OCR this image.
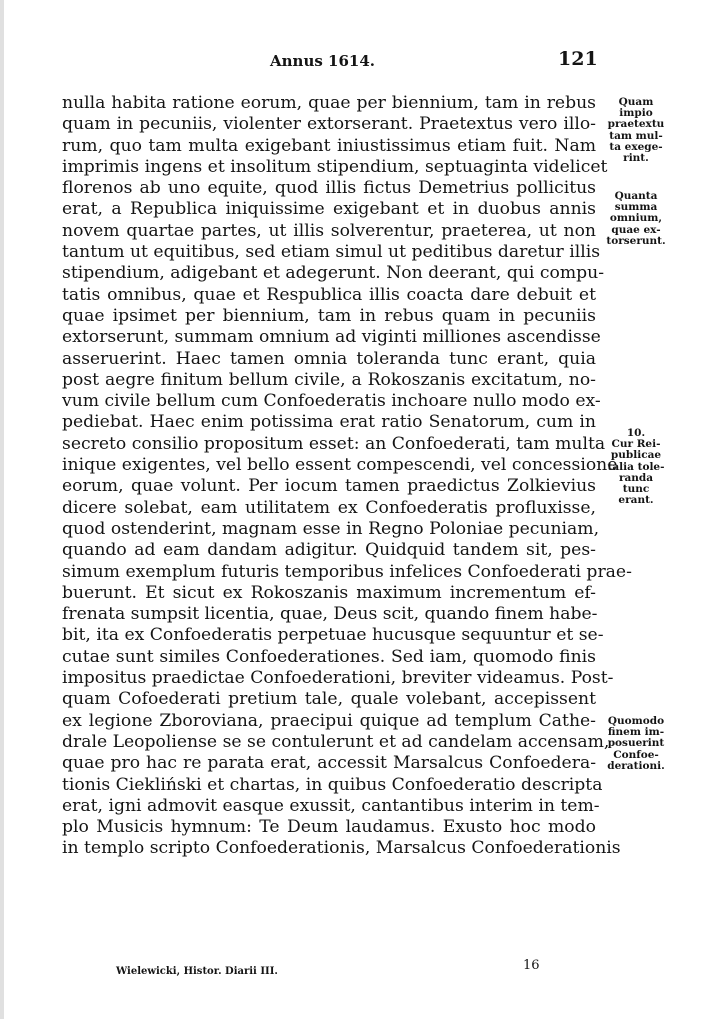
Annus 1614.	121
nulla habita ratione eorum, quae per biennium, tam in rebus
quam in pecuniis, violenter extorserant. Praetextus vero illo-
rum, quo tam multa exigebant iniustissimus etiam fuit. Nam
imprimis ingens et insolitum stipendium, septuaginta videlicet
florenos ab uno equite, quod illis fictus Demetrius pollicitus
erat, a Republica iniquissime exigebant et in duobus annis
novem quartae partes, ut illis solverentur, praeterea, ut non
tantum ut equitibus, sed etiam simul ut peditibus daretur illis
stipendium, adigebant et adegerunt. Non deerant, qui compu-
tatis omnibus, quae et Respublica illis coacta dare debuit et
quae ipsimet per biennium, tam in rebus quam in pecuniis
extorserunt, summam omnium ad viginti milliones ascendisse
asseruerint. Haec tamen omnia toleranda tunc erant, quia
post aegre finitum bellum civile, a Rokoszanis excitatum, no-
vum civile bellum cum Confoederatis inchoare nullo modo ex-
pediebat. Haec enim potissima erat ratio Senatorum, cum in
secreto consilio propositum esset: an Confoederati, tam multa
inique exigentes, vel bello essent compescendi, vel concessione
eorum, quae volunt. Per iocum tamen praedictus Zolkievius
dicere solebat, eam utilitatem ex Confoederatis profluxisse,
quod ostenderint, magnam esse in Regno Poloniae pecuniam,
quando ad eam dandam adigitur. Quidquid tandem sit, pes-
simum exemplum futuris temporibus infelices Confoederati prae-
buerunt. Et sicut ex Rokoszanis maximum incrementum ef-
frenata sumpsit licentia, quae, Deus scit, quando finem habe-
bit, ita ex Confoederatis perpetuae hucusque sequuntur et se-
cutae sunt similes Confoederationes. Sed iam, quomodo finis
impositus praedictae Confoederationi, breviter videamus. Post-
quam Cofoederati pretium tale, quale volebant, accepissent
ex legione Zboroviana, praecipui quique ad templum Cathe-
drale Leopoliense se se contulerunt et ad candelam accensam,
quae pro hac re parata erat, accessit Marsalcus Confoedera-
tionis Ciekliński et chartas, in quibus Confoederatio descripta
erat, igni admovit easque exussit, cantantibus interim in tem-
plo Musicis hymnum: Te Deum laudamus. Exusto hoc modo
in templo scripto Confoederationis, Marsalcus Confoederationis
Quam
impio
praetextu
tam mul-
ta exege-
rint.
Quanta
summa
omnium,
quae ex-
torserunt.
10.
Cur Rei-
publicae
talia tole-
randa
tunc
erant.
Quomodo
finem im-
posuerint
Confoe-
derationi.
Wielewicki, Histor. Diarii III.	16
